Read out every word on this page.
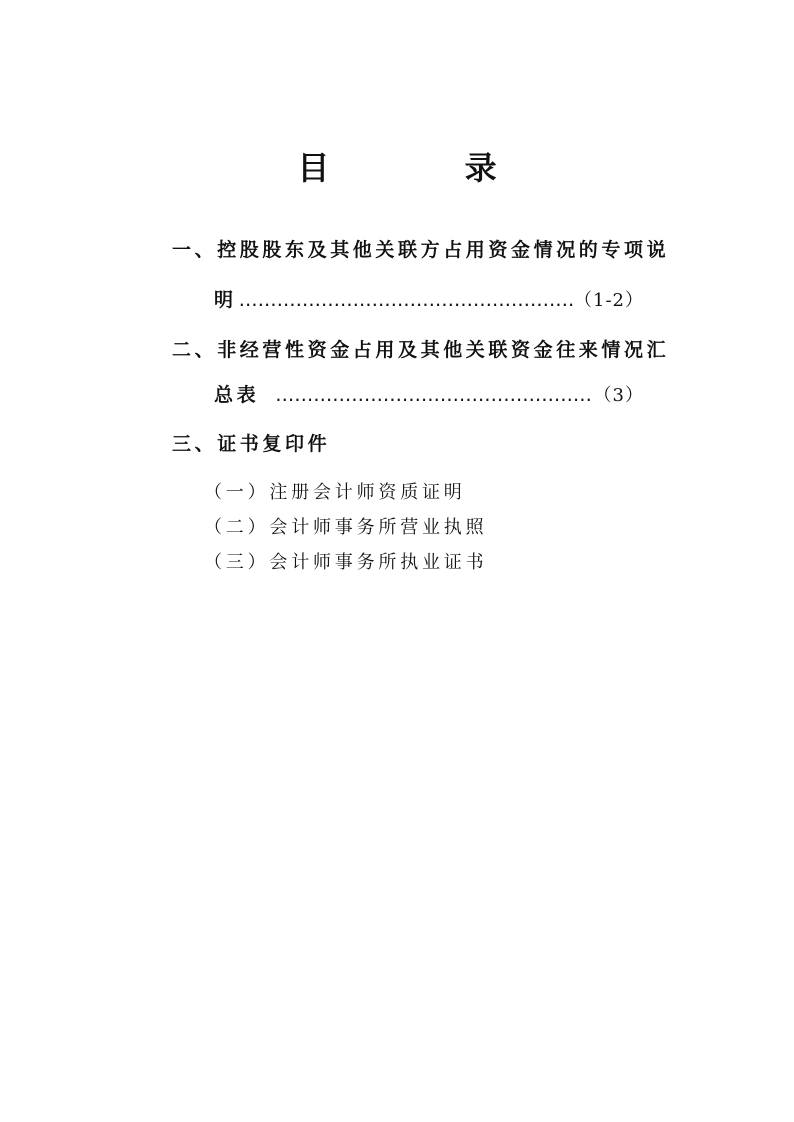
目 录
一、控股股东及其他关联方占用资金情况的专项说
明 ………………………………………………………………………………………………	（1-2）
二、非经营性资金占用及其他关联资金往来情况汇
总表 ………………………………………………………………………………………………	（3）
三、证书复印件
（一）注册会计师资质证明
（二）会计师事务所营业执照
（三）会计师事务所执业证书
